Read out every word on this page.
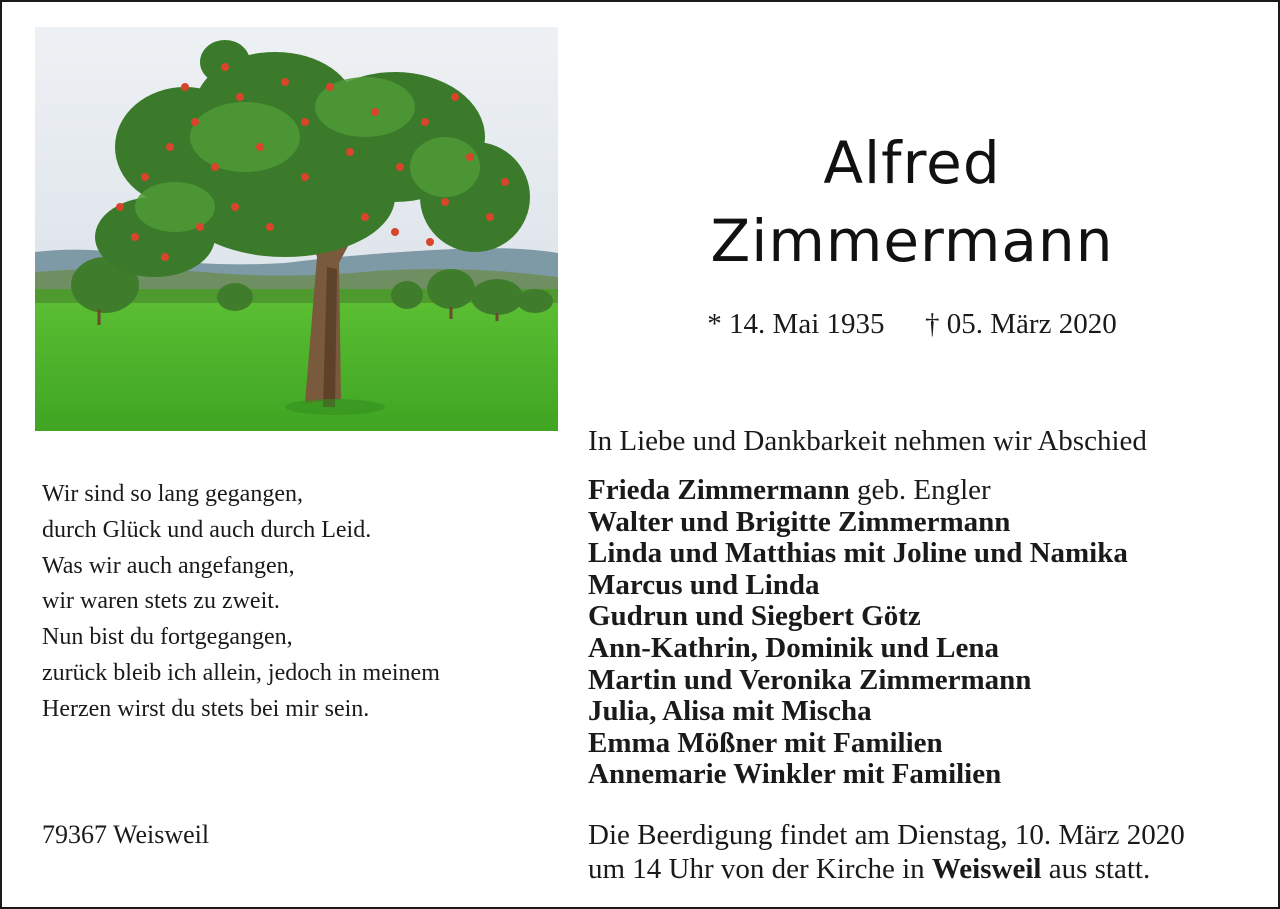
Alfred
Zimmermann
* 14. Mai 1935 † 05. März 2020
In Liebe und Dankbarkeit nehmen wir Abschied
Frieda Zimmermann geb. Engler
Walter und Brigitte Zimmermann
Linda und Matthias mit Joline und Namika
Marcus und Linda
Gudrun und Siegbert Götz
Ann-Kathrin, Dominik und Lena
Martin und Veronika Zimmermann
Julia, Alisa mit Mischa
Emma Mößner mit Familien
Annemarie Winkler mit Familien
Wir sind so lang gegangen,
durch Glück und auch durch Leid.
Was wir auch angefangen,
wir waren stets zu zweit.
Nun bist du fortgegangen,
zurück bleib ich allein, jedoch in meinem
Herzen wirst du stets bei mir sein.
79367 Weisweil	Die Beerdigung findet am Dienstag, 10. März 2020
um 14 Uhr von der Kirche in Weisweil aus statt.
